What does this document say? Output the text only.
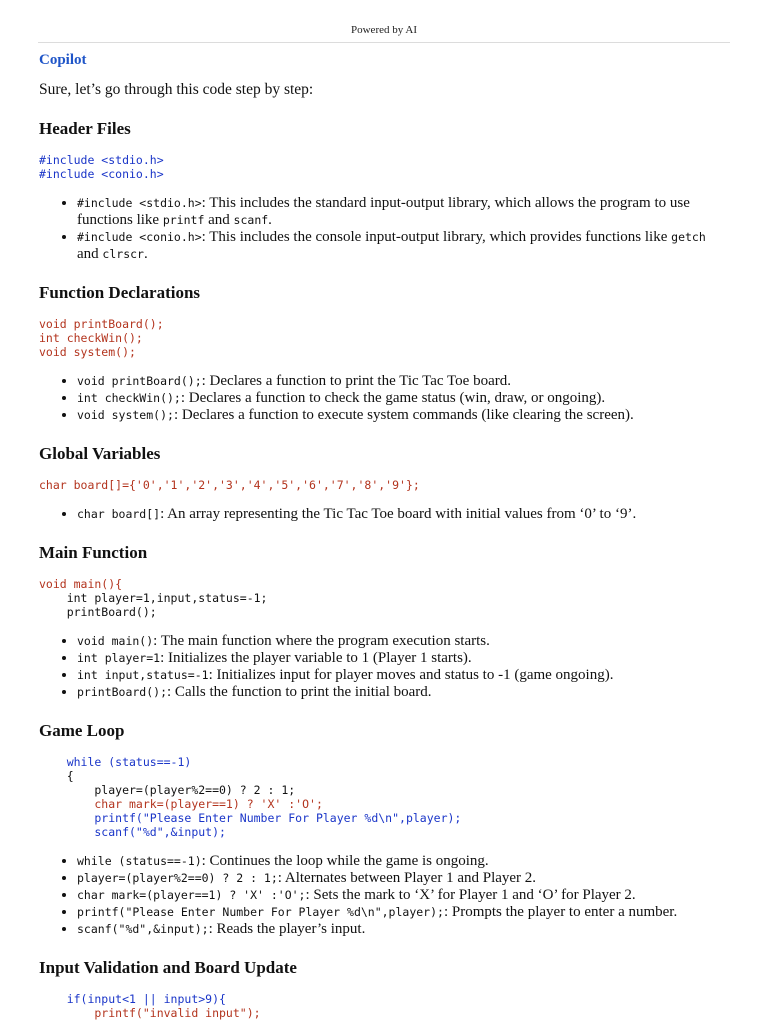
Powered by AI
Copilot
Sure, let’s go through this code step by step:
Header Files
#include <stdio.h>
#include <conio.h>
• #include <stdio.h>: This includes the standard input-output library, which allows the program to use functions like printf and scanf.
• #include <conio.h>: This includes the console input-output library, which provides functions like getch and clrscr.
Function Declarations
void printBoard();
int checkWin();
void system();
• void printBoard();: Declares a function to print the Tic Tac Toe board.
• int checkWin();: Declares a function to check the game status (win, draw, or ongoing).
• void system();: Declares a function to execute system commands (like clearing the screen).
Global Variables
char board[]={'0','1','2','3','4','5','6','7','8','9'};
• char board[]: An array representing the Tic Tac Toe board with initial values from ‘0’ to ‘9’.
Main Function
void main(){
int player=1,input,status=-1;
printBoard();
• void main(): The main function where the program execution starts.
• int player=1: Initializes the player variable to 1 (Player 1 starts).
• int input,status=-1: Initializes input for player moves and status to -1 (game ongoing).
• printBoard();: Calls the function to print the initial board.
Game Loop
while (status==-1)
{
player=(player%2==0) ? 2 : 1;
char mark=(player==1) ? 'X' :'O';
printf("Please Enter Number For Player %d\n",player);
scanf("%d",&input);
• while (status==-1): Continues the loop while the game is ongoing.
• player=(player%2==0) ? 2 : 1;: Alternates between Player 1 and Player 2.
• char mark=(player==1) ? 'X' :'O';: Sets the mark to ‘X’ for Player 1 and ‘O’ for Player 2.
• printf("Please Enter Number For Player %d\n",player);: Prompts the player to enter a number.
• scanf("%d",&input);: Reads the player’s input.
Input Validation and Board Update
if(input<1 || input>9){
printf("invalid input");
